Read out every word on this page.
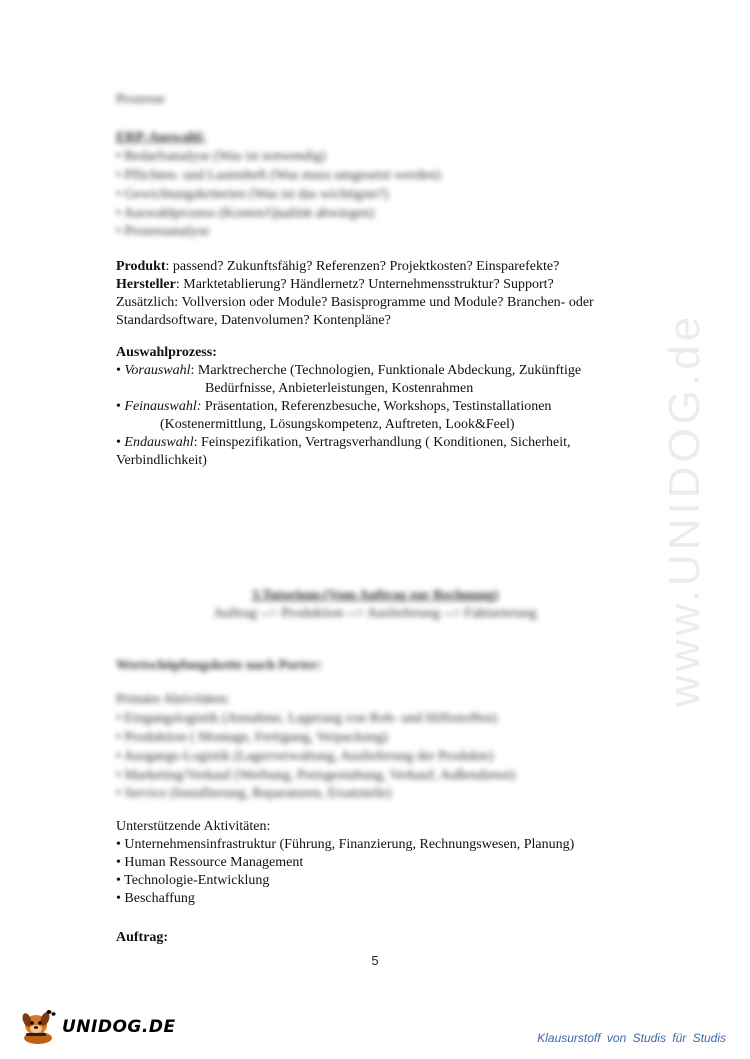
www.UNIDOG.de
Prozesse
ERP-Auswahl:
• Bedarfsanalyse (Was ist notwendig)
• Pflichten- und Lastenheft (Was muss umgesetzt werden)
• Gewichtungskriterien (Was ist das wichtigste?)
• Auswahlprozess (Kosten/Qualität abwiegen)
• Prozessanalyse

Produkt: passend? Zukunftsfähig? Referenzen? Projektkosten? Einsparefekte?

Hersteller: Marktetablierung? Händlernetz? Unternehmensstruktur? Support?

Zusätzlich: Vollversion oder Module? Basisprogramme und Module? Branchen- oder

Standardsoftware, Datenvolumen? Kontenpläne?

Auswahlprozess:

• Vorauswahl: Marktrecherche (Technologien, Funktionale Abdeckung, Zukünftige

Bedürfnisse, Anbieterleistungen, Kostenrahmen

• Feinauswahl: Präsentation, Referenzbesuche, Workshops, Testinstallationen

(Kostenermittlung, Lösungskompetenz, Auftreten, Look&Feel)

• Endauswahl: Feinspezifikation, Vertragsverhandlung ( Konditionen, Sicherheit,

Verbindlichkeit)

3.Tutorium:(Vom Auftrag zur Rechnung)
Auftrag --> Produktion --> Auslieferung --> Fakturierung
Wertschöpfungskette nach Porter:
Primäre Aktivitäten:
• Eingangslogistik (Annahme, Lagerung von Roh- und Hilfsstoffen)
• Produktion ( Montage, Fertigung, Verpackung)
• Ausgangs-Logistik (Lagerverwaltung, Auslieferung der Produkte)
• Marketing/Verkauf (Werbung, Preisgestaltung, Verkauf, Außendienst)
• Service (Installierung, Reparaturen, Ersatzteile)

Unterstützende Aktivitäten:

• Unternehmensinfrastruktur (Führung, Finanzierung, Rechnungswesen, Planung)

• Human Ressource Management

• Technologie-Entwicklung

• Beschaffung

Auftrag:
5
UNIDOG.DE
Klausurstoff von Studis für Studis
